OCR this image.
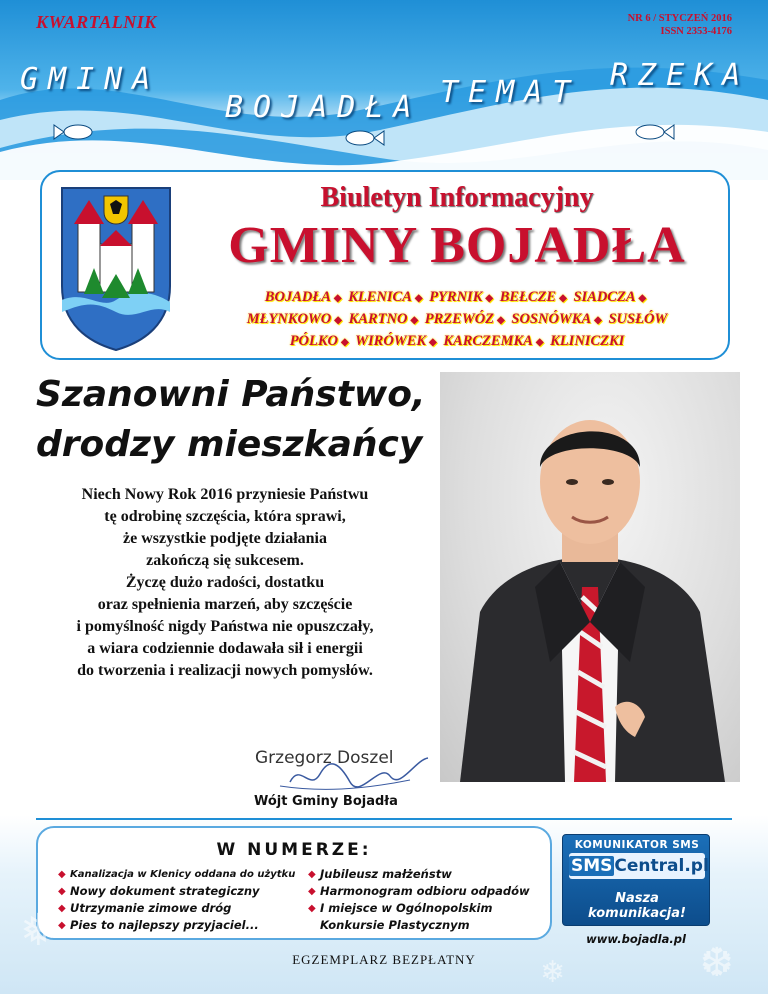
KWARTALNIK	NR 6 / STYCZEŃ 2016
ISSN 2353-4176
GMINA
BOJADŁA TEMAT RZEKA
Biuletyn Informacyjny
GMINY BOJADŁA
BOJADŁA ◆ KLENICA ◆ PYRNIK ◆ BEŁCZE ◆ SIADCZA ◆
MŁYNKOWO ◆ KARTNO ◆ PRZEWÓZ ◆ SOSNÓWKA ◆ SUSŁÓW
PÓLKO ◆ WIRÓWEK ◆ KARCZEMKA ◆ KLINICZKI
Szanowni Państwo,
drodzy mieszkańcy
Niech Nowy Rok 2016 przyniesie Państwu
tę odrobinę szczęścia, która sprawi,
że wszystkie podjęte działania
zakończą się sukcesem.
Życzę dużo radości, dostatku
oraz spełnienia marzeń, aby szczęście
i pomyślność nigdy Państwa nie opuszczały,
a wiara codziennie dodawała sił i energii
do tworzenia i realizacji nowych pomysłów.
Grzegorz Doszel
Wójt Gminy Bojadła
W NUMERZE:
◆ Kanalizacja w Klenicy oddana do użytku
◆ Nowy dokument strategiczny
◆ Utrzymanie zimowe dróg
◆ Pies to najlepszy przyjaciel...
◆ Jubileusz małżeństw
◆ Harmonogram odbioru odpadów
◆ I miejsce w Ogólnopolskim
Konkursie Plastycznym
KOMUNIKATOR SMS
SMS Central.pl
Nasza komunikacja!
www.bojadla.pl
EGZEMPLARZ BEZPŁATNY
❄
❅
❆
❄
